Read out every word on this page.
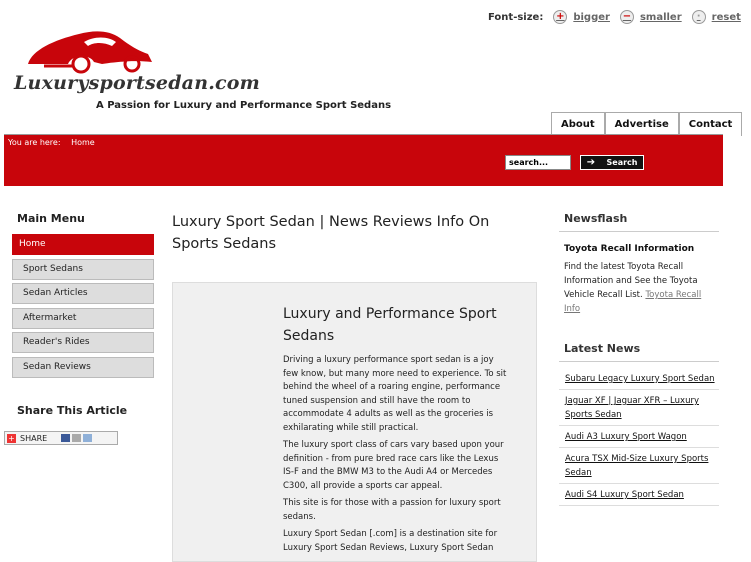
Luxurysportsedan.com
A Passion for Luxury and Performance Sport Sedans
Font-size: + bigger − smaller	·	reset
About	Advertise	Contact
You are here: Home
search...
➔	Search
Main Menu
Home
Sport Sedans
Sedan Articles
Aftermarket
Reader's Rides
Sedan Reviews
Share This Article
+ SHARE
Luxury Sport Sedan | News Reviews Info On Sports Sedans
Luxury and Performance Sport Sedans

Driving a luxury performance sport sedan is a joy few know, but many more need to experience. To sit behind the wheel of a roaring engine, performance tuned suspension and still have the room to accommodate 4 adults as well as the groceries is exhilarating while still practical.

The luxury sport class of cars vary based upon your definition - from pure bred race cars like the Lexus IS-F and the BMW M3 to the Audi A4 or Mercedes C300, all provide a sports car appeal.

This site is for those with a passion for luxury sport sedans.

Luxury Sport Sedan [.com] is a destination site for Luxury Sport Sedan Reviews, Luxury Sport Sedan

Newsflash
Toyota Recall Information
Find the latest Toyota Recall Information and See the Toyota Vehicle Recall List. Toyota Recall Info
Latest News
Subaru Legacy Luxury Sport Sedan
Jaguar XF | Jaguar XFR – Luxury Sports Sedan
Audi A3 Luxury Sport Wagon
Acura TSX Mid-Size Luxury Sports Sedan
Audi S4 Luxury Sport Sedan
